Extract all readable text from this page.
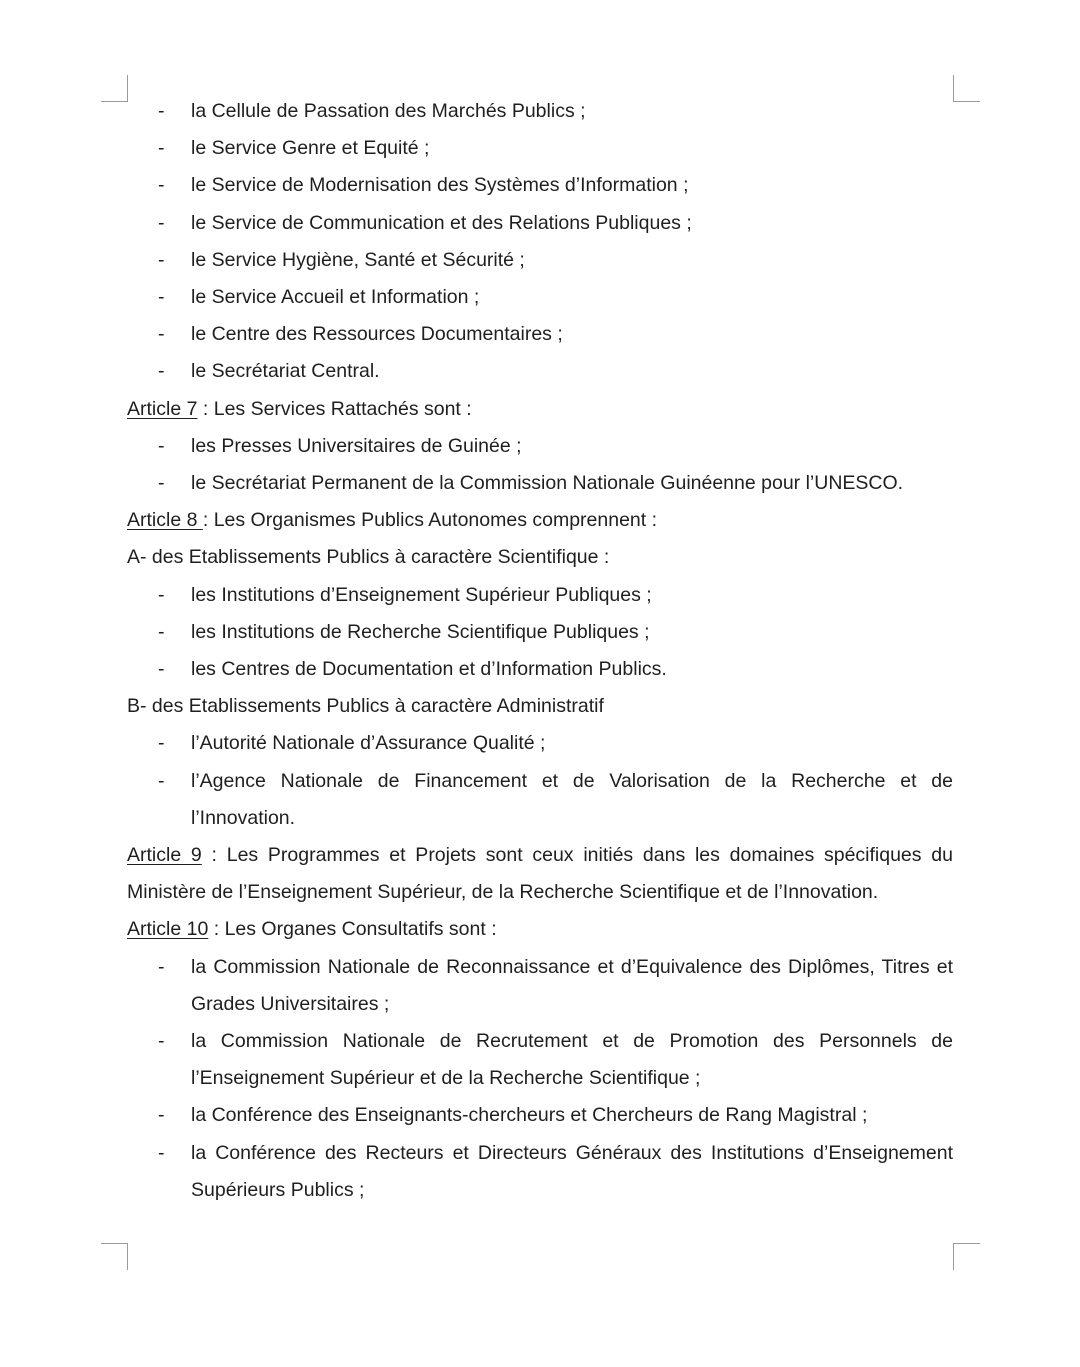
- la Cellule de Passation des Marchés Publics ;
- le Service Genre et Equité ;
- le Service de Modernisation des Systèmes d’Information ;
- le Service de Communication et des Relations Publiques ;
- le Service Hygiène, Santé et Sécurité ;
- le Service Accueil et Information ;
- le Centre des Ressources Documentaires ;
- le Secrétariat Central.
Article 7 : Les Services Rattachés sont :
- les Presses Universitaires de Guinée ;
- le Secrétariat Permanent de la Commission Nationale Guinéenne pour l’UNESCO.
Article 8 : Les Organismes Publics Autonomes comprennent :
A- des Etablissements Publics à caractère Scientifique :
- les Institutions d’Enseignement Supérieur Publiques ;
- les Institutions de Recherche Scientifique Publiques ;
- les Centres de Documentation et d’Information Publics.
B- des Etablissements Publics à caractère Administratif
- l’Autorité Nationale d’Assurance Qualité ;
- l’Agence Nationale de Financement et de Valorisation de la Recherche et de l’Innovation.
Article 9 : Les Programmes et Projets sont ceux initiés dans les domaines spécifiques du Ministère de l’Enseignement Supérieur, de la Recherche Scientifique et de l’Innovation.
Article 10 : Les Organes Consultatifs sont :
- la Commission Nationale de Reconnaissance et d’Equivalence des Diplômes, Titres et Grades Universitaires ;
- la Commission Nationale de Recrutement et de Promotion des Personnels de l’Enseignement Supérieur et de la Recherche Scientifique ;
- la Conférence des Enseignants-chercheurs et Chercheurs de Rang Magistral ;
- la Conférence des Recteurs et Directeurs Généraux des Institutions d’Enseignement Supérieurs Publics ;
